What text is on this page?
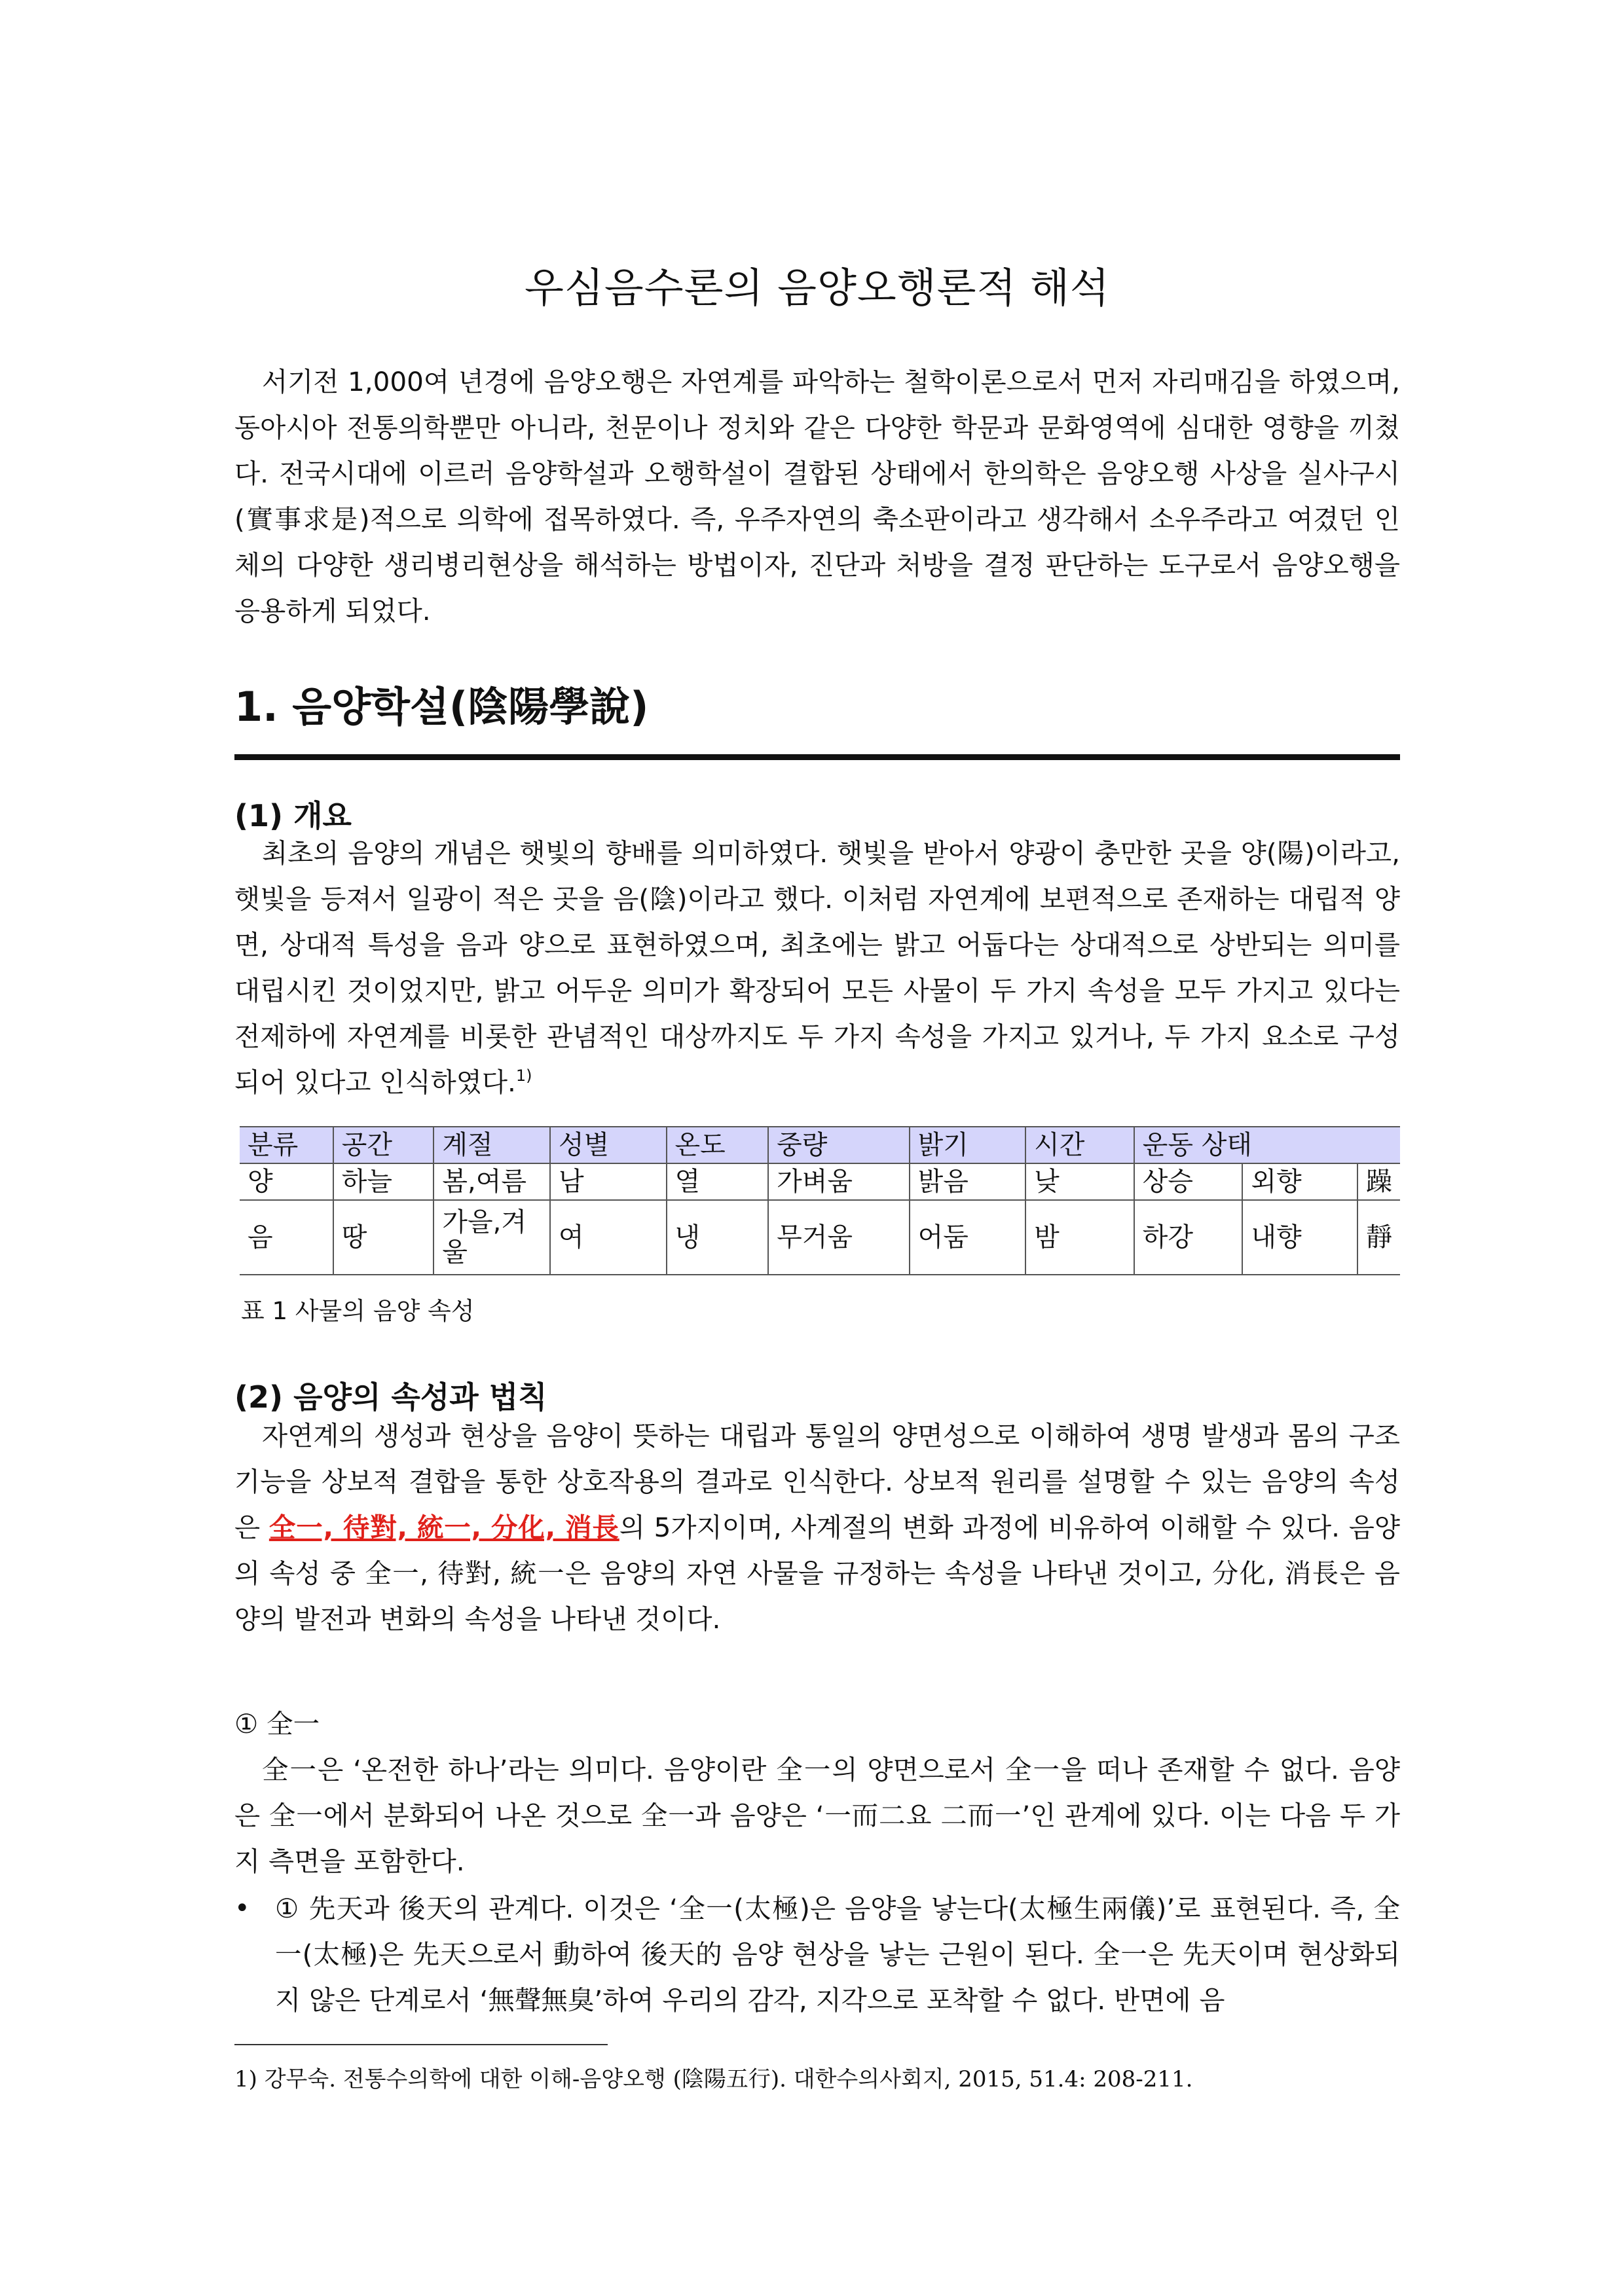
우심음수론의 음양오행론적 해석

서기전 1,000여 년경에 음양오행은 자연계를 파악하는 철학이론으로서 먼저 자리매김을 하였으며, 동아시아 전통의학뿐만 아니라, 천문이나 정치와 같은 다양한 학문과 문화영역에 심대한 영향을 끼쳤다. 전국시대에 이르러 음양학설과 오행학설이 결합된 상태에서 한의학은 음양오행 사상을 실사구시(實事求是)적으로 의학에 접목하였다. 즉, 우주자연의 축소판이라고 생각해서 소우주라고 여겼던 인체의 다양한 생리병리현상을 해석하는 방법이자, 진단과 처방을 결정 판단하는 도구로서 음양오행을 응용하게 되었다.

1. 음양학설(陰陽學說)
(1) 개요

최초의 음양의 개념은 햇빛의 향배를 의미하였다. 햇빛을 받아서 양광이 충만한 곳을 양(陽)이라고, 햇빛을 등져서 일광이 적은 곳을 음(陰)이라고 했다. 이처럼 자연계에 보편적으로 존재하는 대립적 양면, 상대적 특성을 음과 양으로 표현하였으며, 최초에는 밝고 어둡다는 상대적으로 상반되는 의미를 대립시킨 것이었지만, 밝고 어두운 의미가 확장되어 모든 사물이 두 가지 속성을 모두 가지고 있다는 전제하에 자연계를 비롯한 관념적인 대상까지도 두 가지 속성을 가지고 있거나, 두 가지 요소로 구성되어 있다고 인식하였다.$^{1)}$

분류	공간	계절	성별	온도	중량	밝기	시간	운동 상태		
양	하늘	봄,여름	남	열	가벼움	밝음	낮	상승	외향	躁
음	땅	가을,겨울	여	냉	무거움	어둠	밤	하강	내향	靜

표 1 사물의 음양 속성

(2) 음양의 속성과 법칙

자연계의 생성과 현상을 음양이 뜻하는 대립과 통일의 양면성으로 이해하여 생명 발생과 몸의 구조 기능을 상보적 결합을 통한 상호작용의 결과로 인식한다. 상보적 원리를 설명할 수 있는 음양의 속성은 全一, 待對, 統一, 分化, 消長의 5가지이며, 사계절의 변화 과정에 비유하여 이해할 수 있다. 음양의 속성 중 全一, 待對, 統一은 음양의 자연 사물을 규정하는 속성을 나타낸 것이고, 分化, 消長은 음양의 발전과 변화의 속성을 나타낸 것이다.

① 全一

全一은 ‘온전한 하나’라는 의미다. 음양이란 全一의 양면으로서 全一을 떠나 존재할 수 없다. 음양은 全一에서 분화되어 나온 것으로 全一과 음양은 ‘一而二요 二而一’인 관계에 있다. 이는 다음 두 가지 측면을 포함한다.

• ① 先天과 後天의 관계다. 이것은 ‘全一(太極)은 음양을 낳는다(太極生兩儀)’로 표현된다. 즉, 全一(太極)은 先天으로서 動하여 後天的 음양 현상을 낳는 근원이 된다. 全一은 先天이며 현상화되지 않은 단계로서 ‘無聲無臭’하여 우리의 감각, 지각으로 포착할 수 없다. 반면에 음

1) 강무숙. 전통수의학에 대한 이해-음양오행 (陰陽五行). 대한수의사회지, 2015, 51.4: 208-211.
